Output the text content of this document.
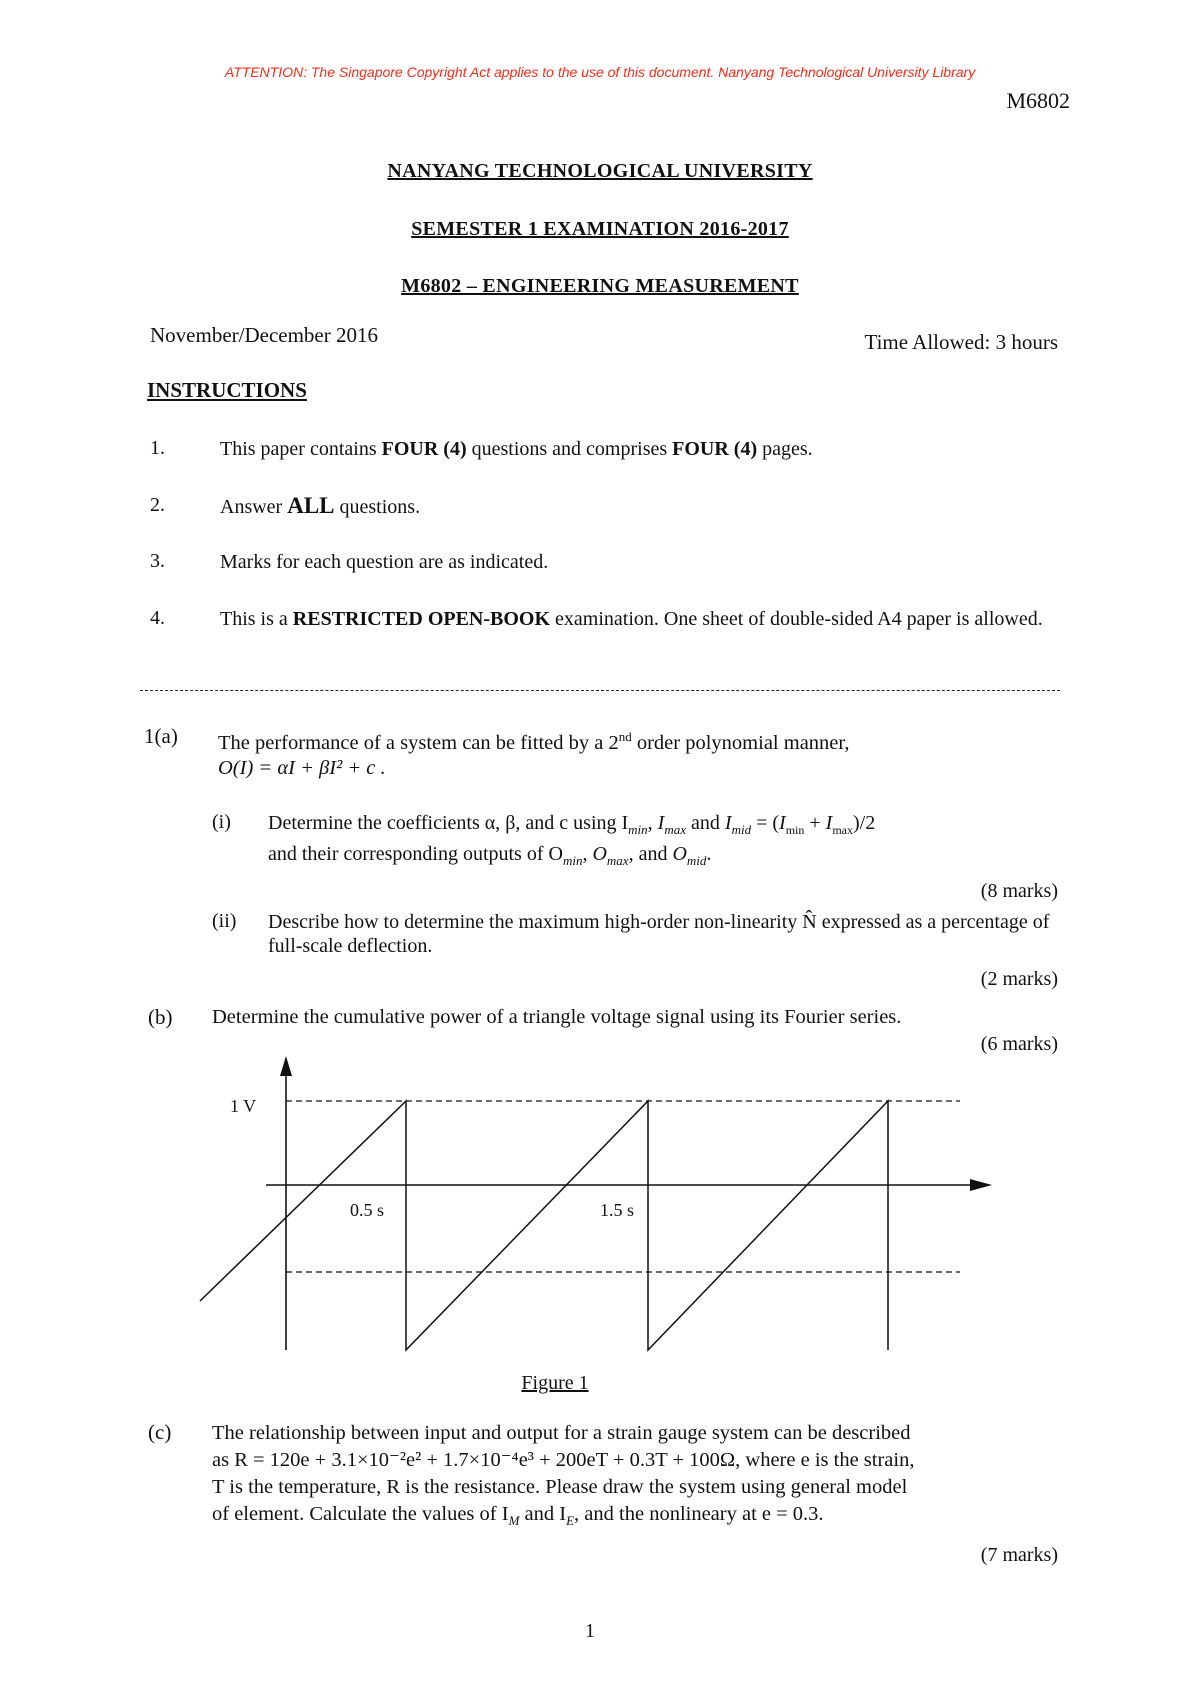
ATTENTION: The Singapore Copyright Act applies to the use of this document. Nanyang Technological University Library
M6802
NANYANG TECHNOLOGICAL UNIVERSITY
SEMESTER 1 EXAMINATION 2016-2017
M6802 – ENGINEERING MEASUREMENT
November/December 2016	Time Allowed: 3 hours
INSTRUCTIONS
1.	This paper contains FOUR (4) questions and comprises FOUR (4) pages.
2.	Answer ALL questions.
3.	Marks for each question are as indicated.
4.	This is a RESTRICTED OPEN-BOOK examination. One sheet of double-sided A4 paper is allowed.
1(a) The performance of a system can be fitted by a 2nd order polynomial manner,
O(I) = αI + βI² + c .
(i) Determine the coefficients α, β, and c using $I_{min}$, $I_{max}$ and $I_{mid} = (I_{min} + I_{max})/2$
and their corresponding outputs of $O_{min}$, $O_{max}$, and $O_{mid}$.
(8 marks)
(ii) Describe how to determine the maximum high-order non-linearity N̂ expressed as a percentage of full-scale deflection.
(2 marks)
(b) Determine the cumulative power of a triangle voltage signal using its Fourier series.
(6 marks)
1 V
0.5 s	1.5 s
Figure 1
(c) The relationship between input and output for a strain gauge system can be described
as R = 120e + 3.1×10⁻²e² + 1.7×10⁻⁴e³ + 200eT + 0.3T + 100Ω, where e is the strain,
T is the temperature, R is the resistance. Please draw the system using general model
of element. Calculate the values of $I_M$ and $I_E$, and the nonlineary at e = 0.3.
(7 marks)
1
